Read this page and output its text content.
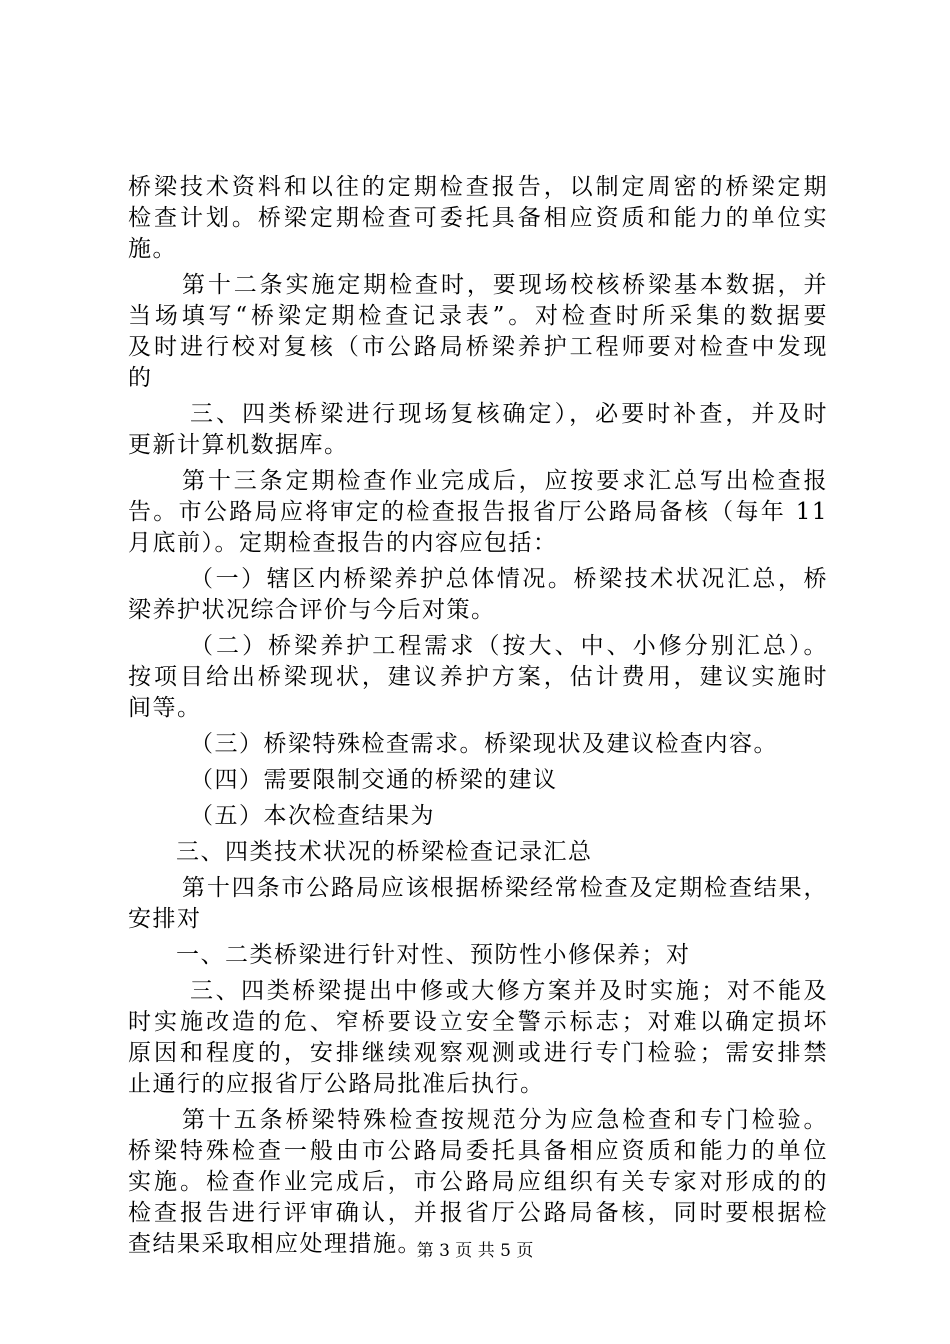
桥梁技术资料和以往的定期检查报告，以制定周密的桥梁定期
检查计划。桥梁定期检查可委托具备相应资质和能力的单位实
施。
第十二条实施定期检查时，要现场校核桥梁基本数据，并
当场填写“桥梁定期检查记录表”。对检查时所采集的数据要
及时进行校对复核（市公路局桥梁养护工程师要对检查中发现
的
三、四类桥梁进行现场复核确定），必要时补查，并及时
更新计算机数据库。
第十三条定期检查作业完成后，应按要求汇总写出检查报
告。市公路局应将审定的检查报告报省厅公路局备核（每年 11
月底前）。定期检查报告的内容应包括：
（一）辖区内桥梁养护总体情况。桥梁技术状况汇总，桥
梁养护状况综合评价与今后对策。
（二）桥梁养护工程需求（按大、中、小修分别汇总）。
按项目给出桥梁现状，建议养护方案，估计费用，建议实施时
间等。
（三）桥梁特殊检查需求。桥梁现状及建议检查内容。
（四）需要限制交通的桥梁的建议
（五）本次检查结果为
三、四类技术状况的桥梁检查记录汇总
第十四条市公路局应该根据桥梁经常检查及定期检查结果，
安排对
一、二类桥梁进行针对性、预防性小修保养；对
三、四类桥梁提出中修或大修方案并及时实施；对不能及
时实施改造的危、窄桥要设立安全警示标志；对难以确定损坏
原因和程度的，安排继续观察观测或进行专门检验；需安排禁
止通行的应报省厅公路局批准后执行。
第十五条桥梁特殊检查按规范分为应急检查和专门检验。
桥梁特殊检查一般由市公路局委托具备相应资质和能力的单位
实施。检查作业完成后，市公路局应组织有关专家对形成的的
检查报告进行评审确认，并报省厅公路局备核，同时要根据检
查结果采取相应处理措施。
第 3 页 共 5 页
